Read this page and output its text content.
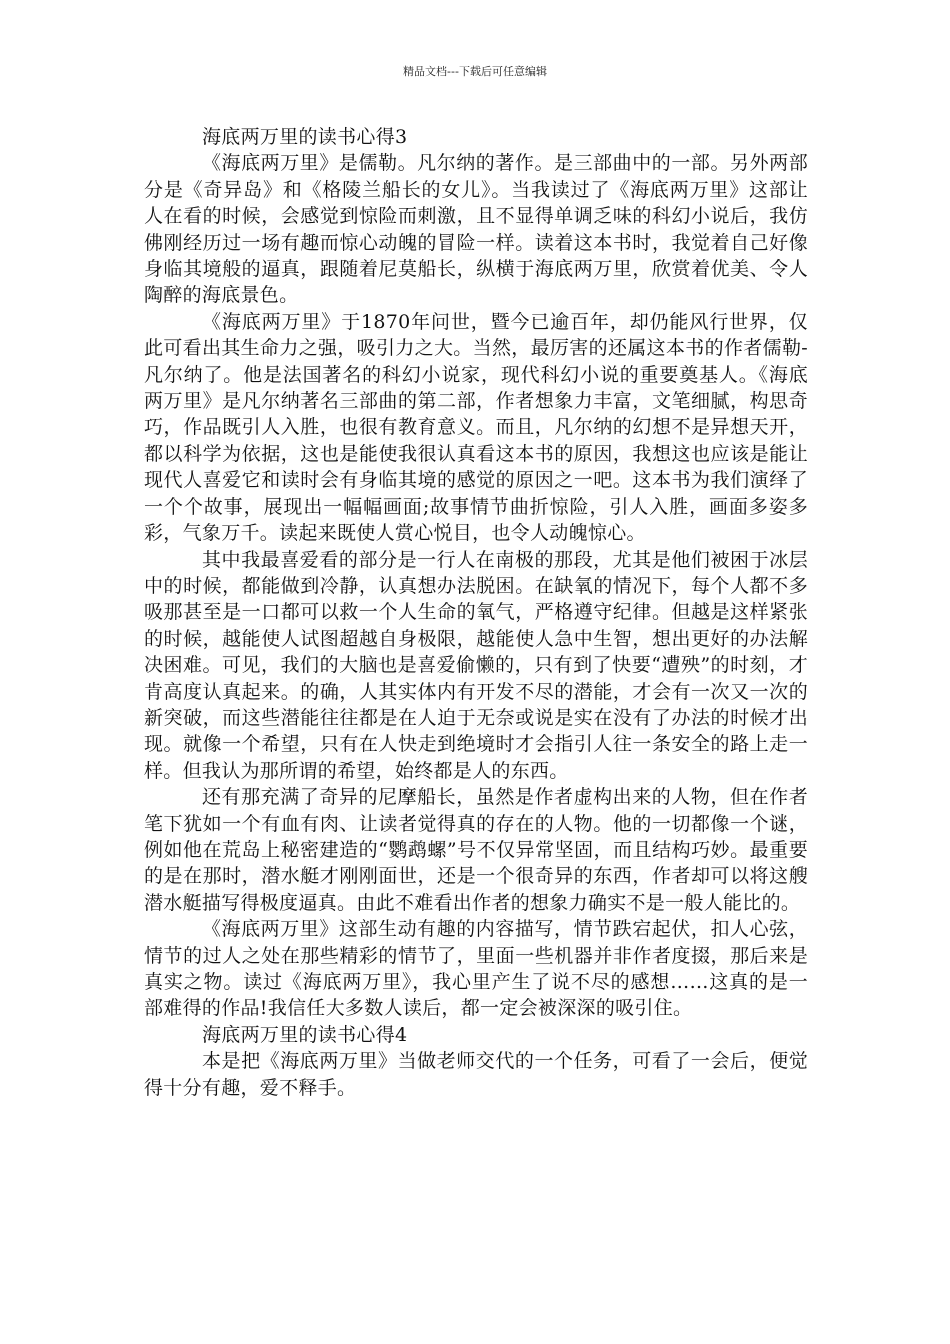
精品文档---下载后可任意编辑

海底两万里的读书心得3

《海底两万里》是儒勒。凡尔纳的著作。是三部曲中的一部。另外两部分是《奇异岛》和《格陵兰船长的女儿》。当我读过了《海底两万里》这部让人在看的时候，会感觉到惊险而刺激，且不显得单调乏味的科幻小说后，我仿佛刚经历过一场有趣而惊心动魄的冒险一样。读着这本书时，我觉着自己好像身临其境般的逼真，跟随着尼莫船长，纵横于海底两万里，欣赏着优美、令人陶醉的海底景色。

《海底两万里》于1870年问世，暨今已逾百年，却仍能风行世界，仅此可看出其生命力之强，吸引力之大。当然，最厉害的还属这本书的作者儒勒-凡尔纳了。他是法国著名的科幻小说家，现代科幻小说的重要奠基人。《海底两万里》是凡尔纳著名三部曲的第二部，作者想象力丰富，文笔细腻，构思奇巧，作品既引人入胜，也很有教育意义。而且，凡尔纳的幻想不是异想天开，都以科学为依据，这也是能使我很认真看这本书的原因，我想这也应该是能让现代人喜爱它和读时会有身临其境的感觉的原因之一吧。这本书为我们演绎了一个个故事，展现出一幅幅画面;故事情节曲折惊险，引人入胜，画面多姿多彩，气象万千。读起来既使人赏心悦目，也令人动魄惊心。

其中我最喜爱看的部分是一行人在南极的那段，尤其是他们被困于冰层中的时候，都能做到冷静，认真想办法脱困。在缺氧的情况下，每个人都不多吸那甚至是一口都可以救一个人生命的氧气，严格遵守纪律。但越是这样紧张的时候，越能使人试图超越自身极限，越能使人急中生智，想出更好的办法解决困难。可见，我们的大脑也是喜爱偷懒的，只有到了快要“遭殃”的时刻，才肯高度认真起来。的确，人其实体内有开发不尽的潜能，才会有一次又一次的新突破，而这些潜能往往都是在人迫于无奈或说是实在没有了办法的时候才出现。就像一个希望，只有在人快走到绝境时才会指引人往一条安全的路上走一样。但我认为那所谓的希望，始终都是人的东西。

还有那充满了奇异的尼摩船长，虽然是作者虚构出来的人物，但在作者笔下犹如一个有血有肉、让读者觉得真的存在的人物。他的一切都像一个谜，例如他在荒岛上秘密建造的“鹦鹉螺”号不仅异常坚固，而且结构巧妙。最重要的是在那时，潜水艇才刚刚面世，还是一个很奇异的东西，作者却可以将这艘潜水艇描写得极度逼真。由此不难看出作者的想象力确实不是一般人能比的。

《海底两万里》这部生动有趣的内容描写，情节跌宕起伏，扣人心弦，情节的过人之处在那些精彩的情节了，里面一些机器并非作者度掇，那后来是真实之物。读过《海底两万里》，我心里产生了说不尽的感想……这真的是一部难得的作品!我信任大多数人读后，都一定会被深深的吸引住。

海底两万里的读书心得4

本是把《海底两万里》当做老师交代的一个任务，可看了一会后，便觉得十分有趣，爱不释手。
